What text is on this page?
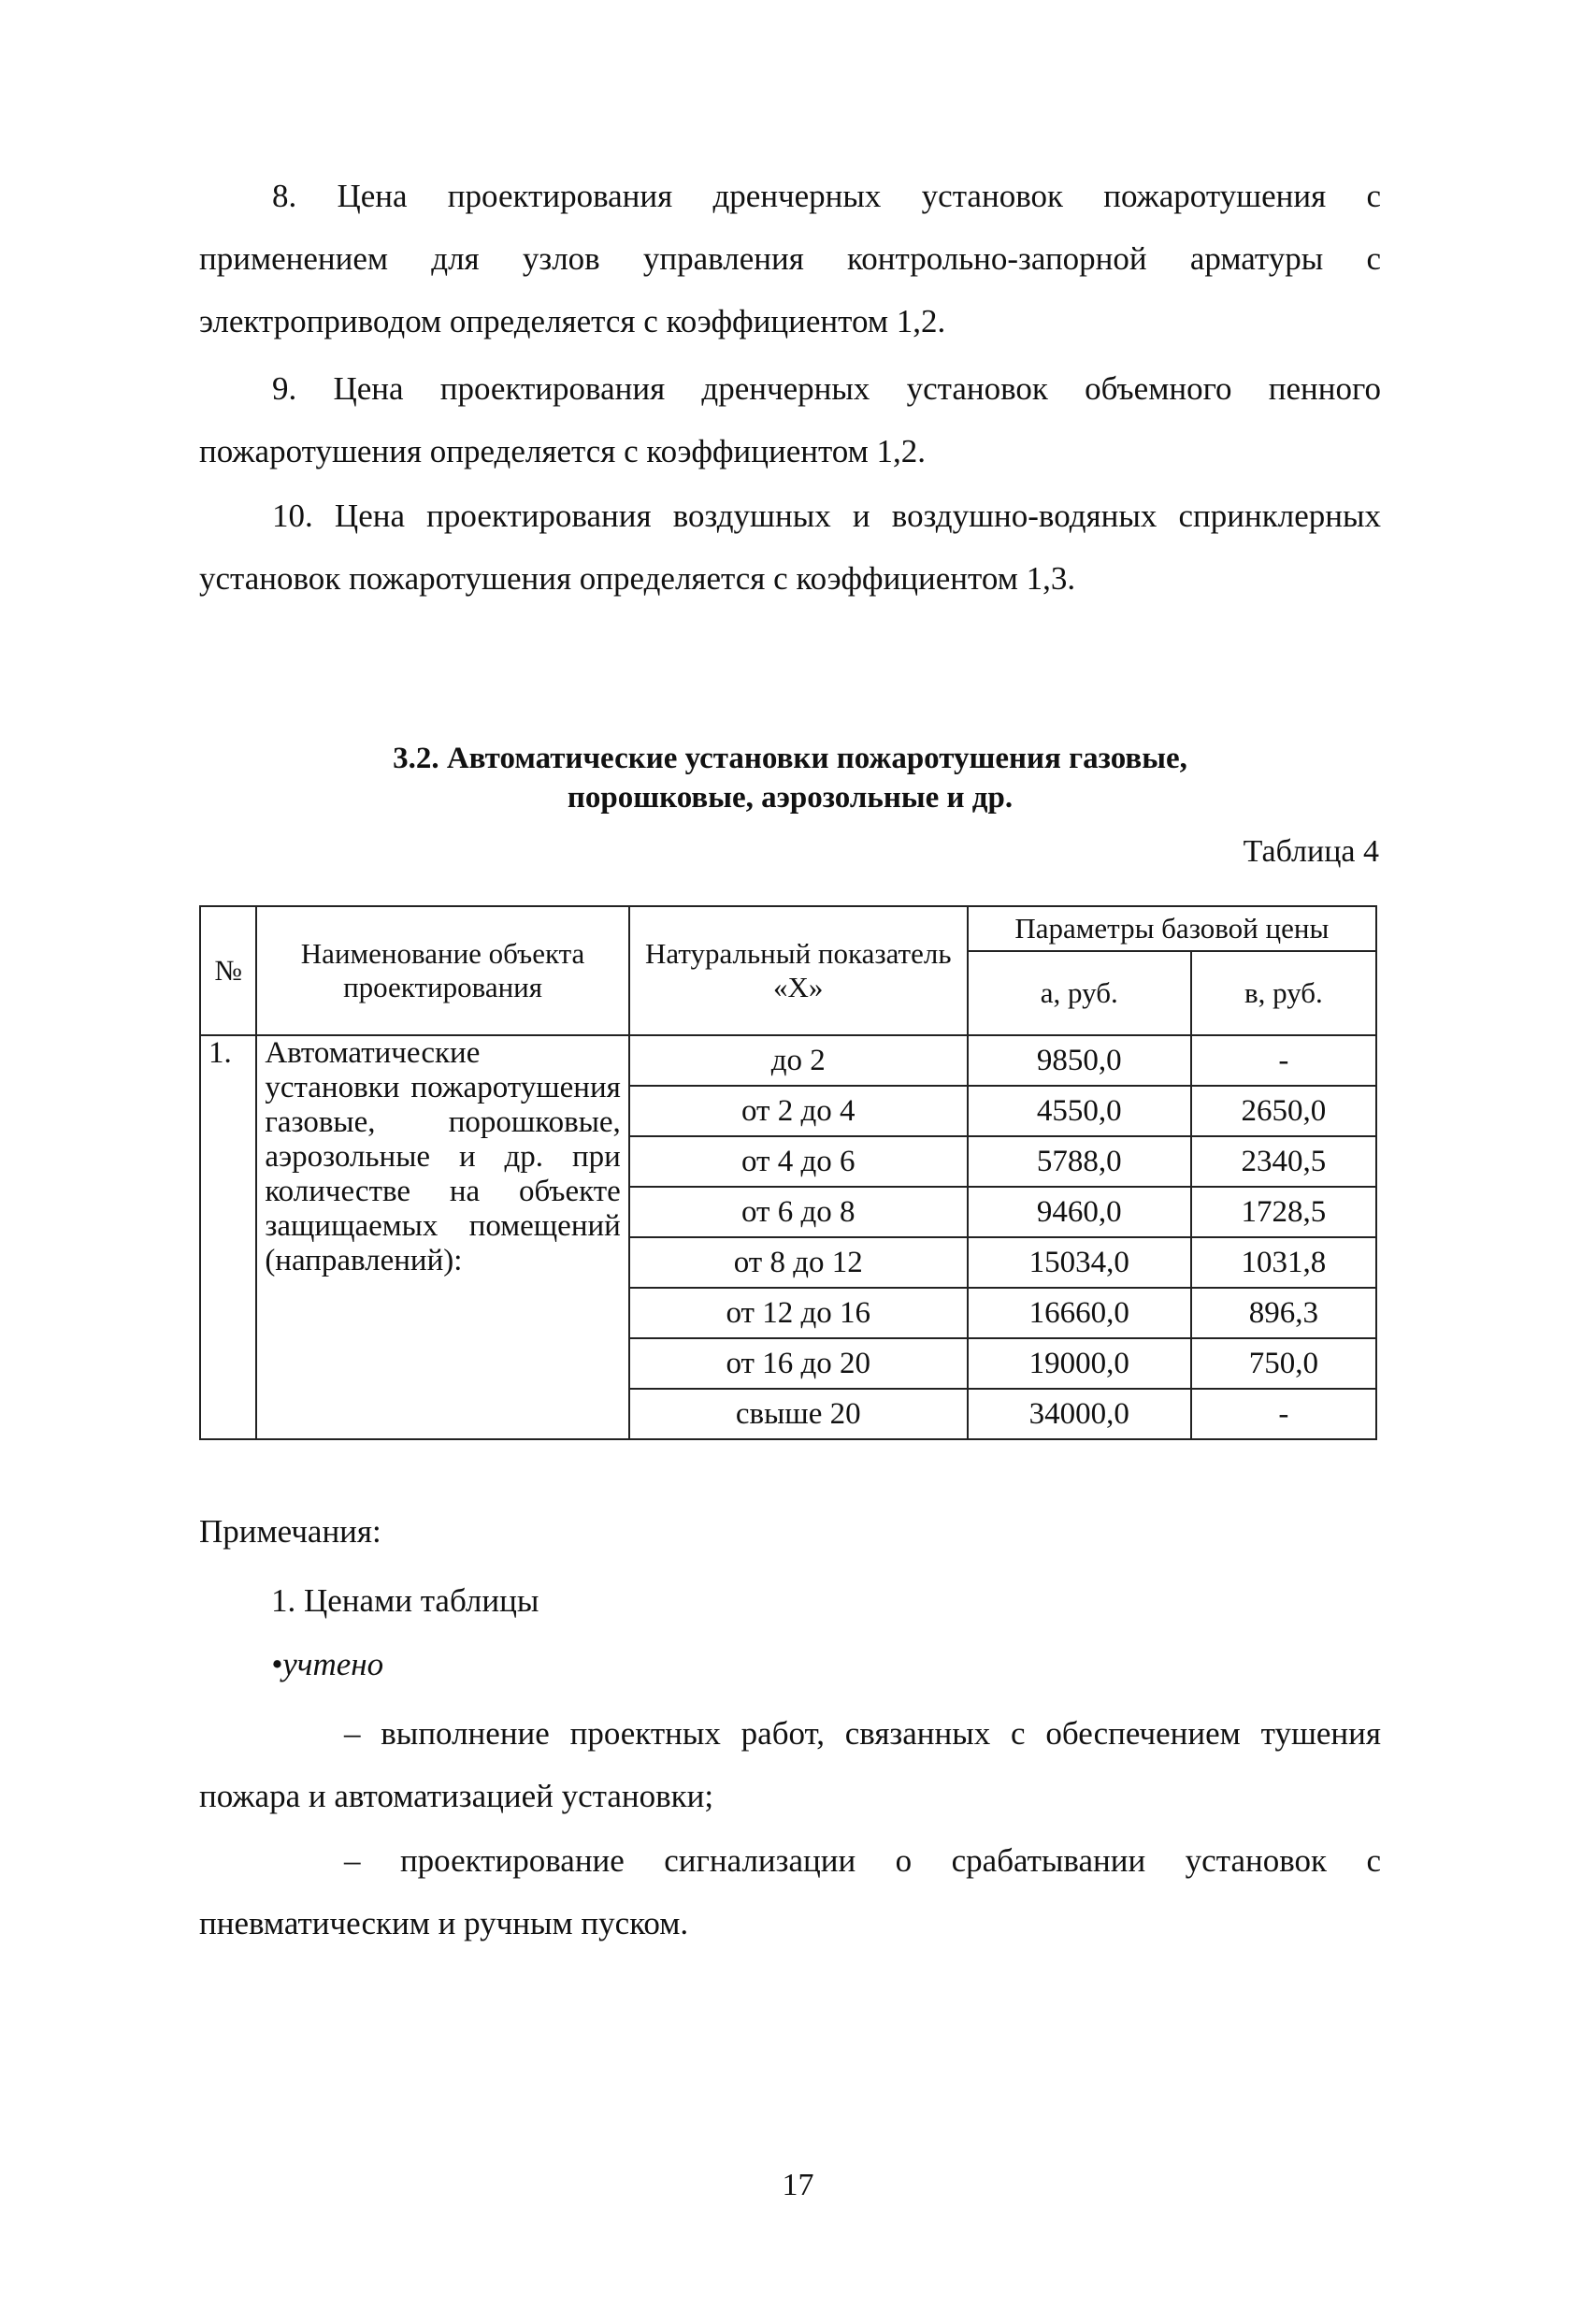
8. Цена проектирования дренчерных установок пожаротушения с применением для узлов управления контрольно-запорной арматуры с электроприводом определяется с коэффициентом 1,2.

9. Цена проектирования дренчерных установок объемного пенного пожаротушения определяется с коэффициентом 1,2.

10. Цена проектирования воздушных и воздушно-водяных спринклерных установок пожаротушения определяется с коэффициентом 1,3.

3.2. Автоматические установки пожаротушения газовые,
порошковые, аэрозольные и др.
Таблица 4
№	Наименование объекта проектирования	Натуральный показатель «Х»	Параметры базовой цены	
			а, руб.	в, руб.
1.	Автоматические установки пожаротушения газовые, порошковые, аэрозольные и др. при количестве на объекте защищаемых помещений (направлений):	до 2	9850,0	-
		от 2 до 4	4550,0	2650,0
		от 4 до 6	5788,0	2340,5
		от 6 до 8	9460,0	1728,5
		от 8 до 12	15034,0	1031,8
		от 12 до 16	16660,0	896,3
		от 16 до 20	19000,0	750,0
		свыше 20	34000,0	-
Примечания:
1. Ценами таблицы
•учтено

– выполнение проектных работ, связанных с обеспечением тушения пожара и автоматизацией установки;

– проектирование сигнализации о срабатывании установок с пневматическим и ручным пуском.

17
